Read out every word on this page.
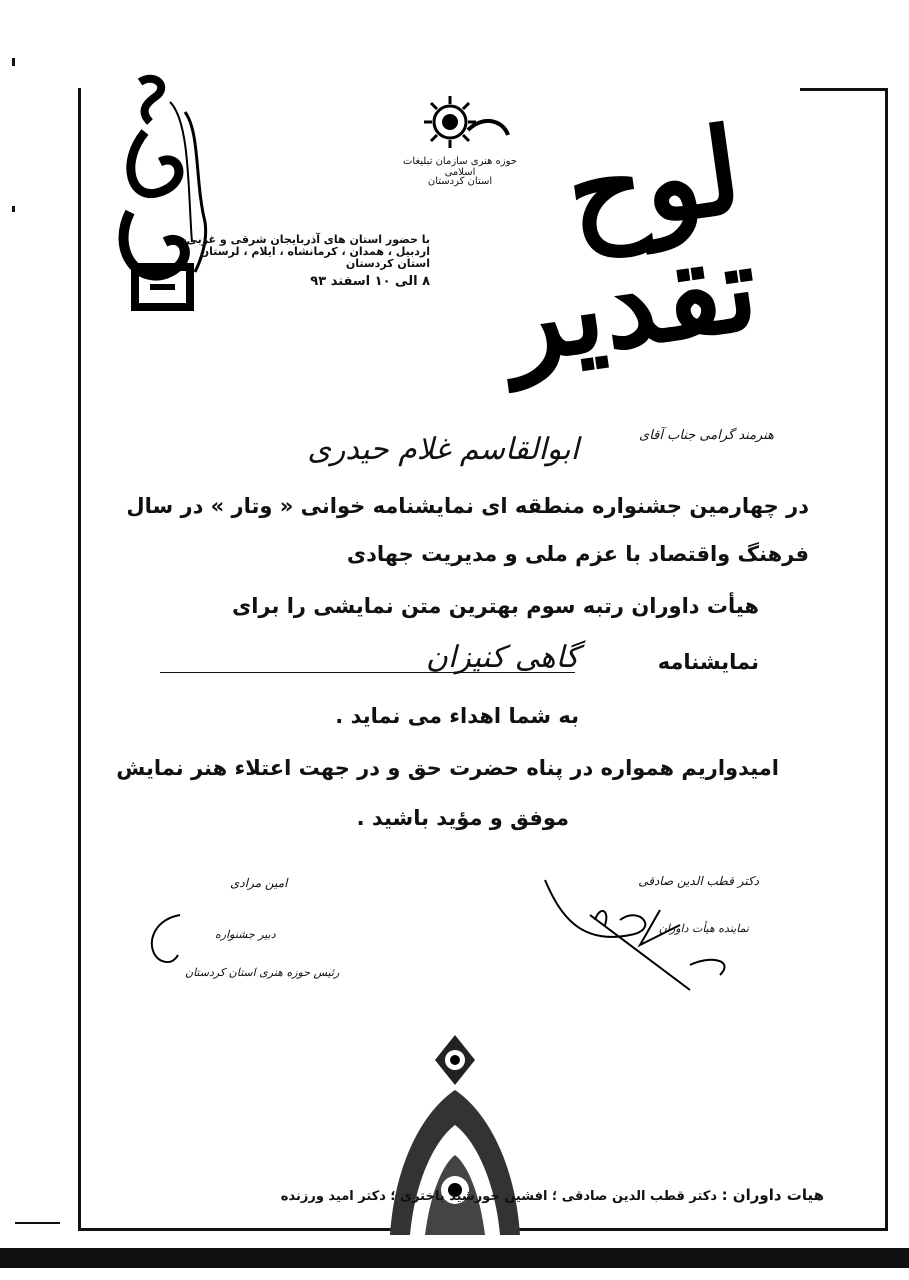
با حضور استان های آذربایجان شرقی و غربی،
اردبیل ، همدان ، کرمانشاه ، ایلام ، لرستان
استان کردستان
۸ الی ۱۰ اسفند ۹۳
حوزه هنری سازمان تبلیغات اسلامی
استان کردستان لوح تقدیر
هنرمند گرامی جناب آقای
ابوالقاسم غلام حیدری
در چهارمین جشنواره منطقه ای نمایشنامه خوانی « وتار » در سال
فرهنگ واقتصاد با عزم ملی و مدیریت جهادی
هیأت داوران رتبه سوم بهترین متن نمایشی را برای
نمایشنامه
گاهی کنیزان
به شما اهداء می نماید .
امیدواریم همواره در پناه حضرت حق و در جهت اعتلاء هنر نمایش
موفق و مؤید باشید .
دکتر قطب الدین صادقی
نماینده هیأت داوران
امین مرادی
دبیر جشنواره
رئیس حوزه هنری استان کردستان
هیات داوران : دکتر قطب الدین صادقی ؛ افشین خورشید باختری ؛ دکتر امید ورزنده
